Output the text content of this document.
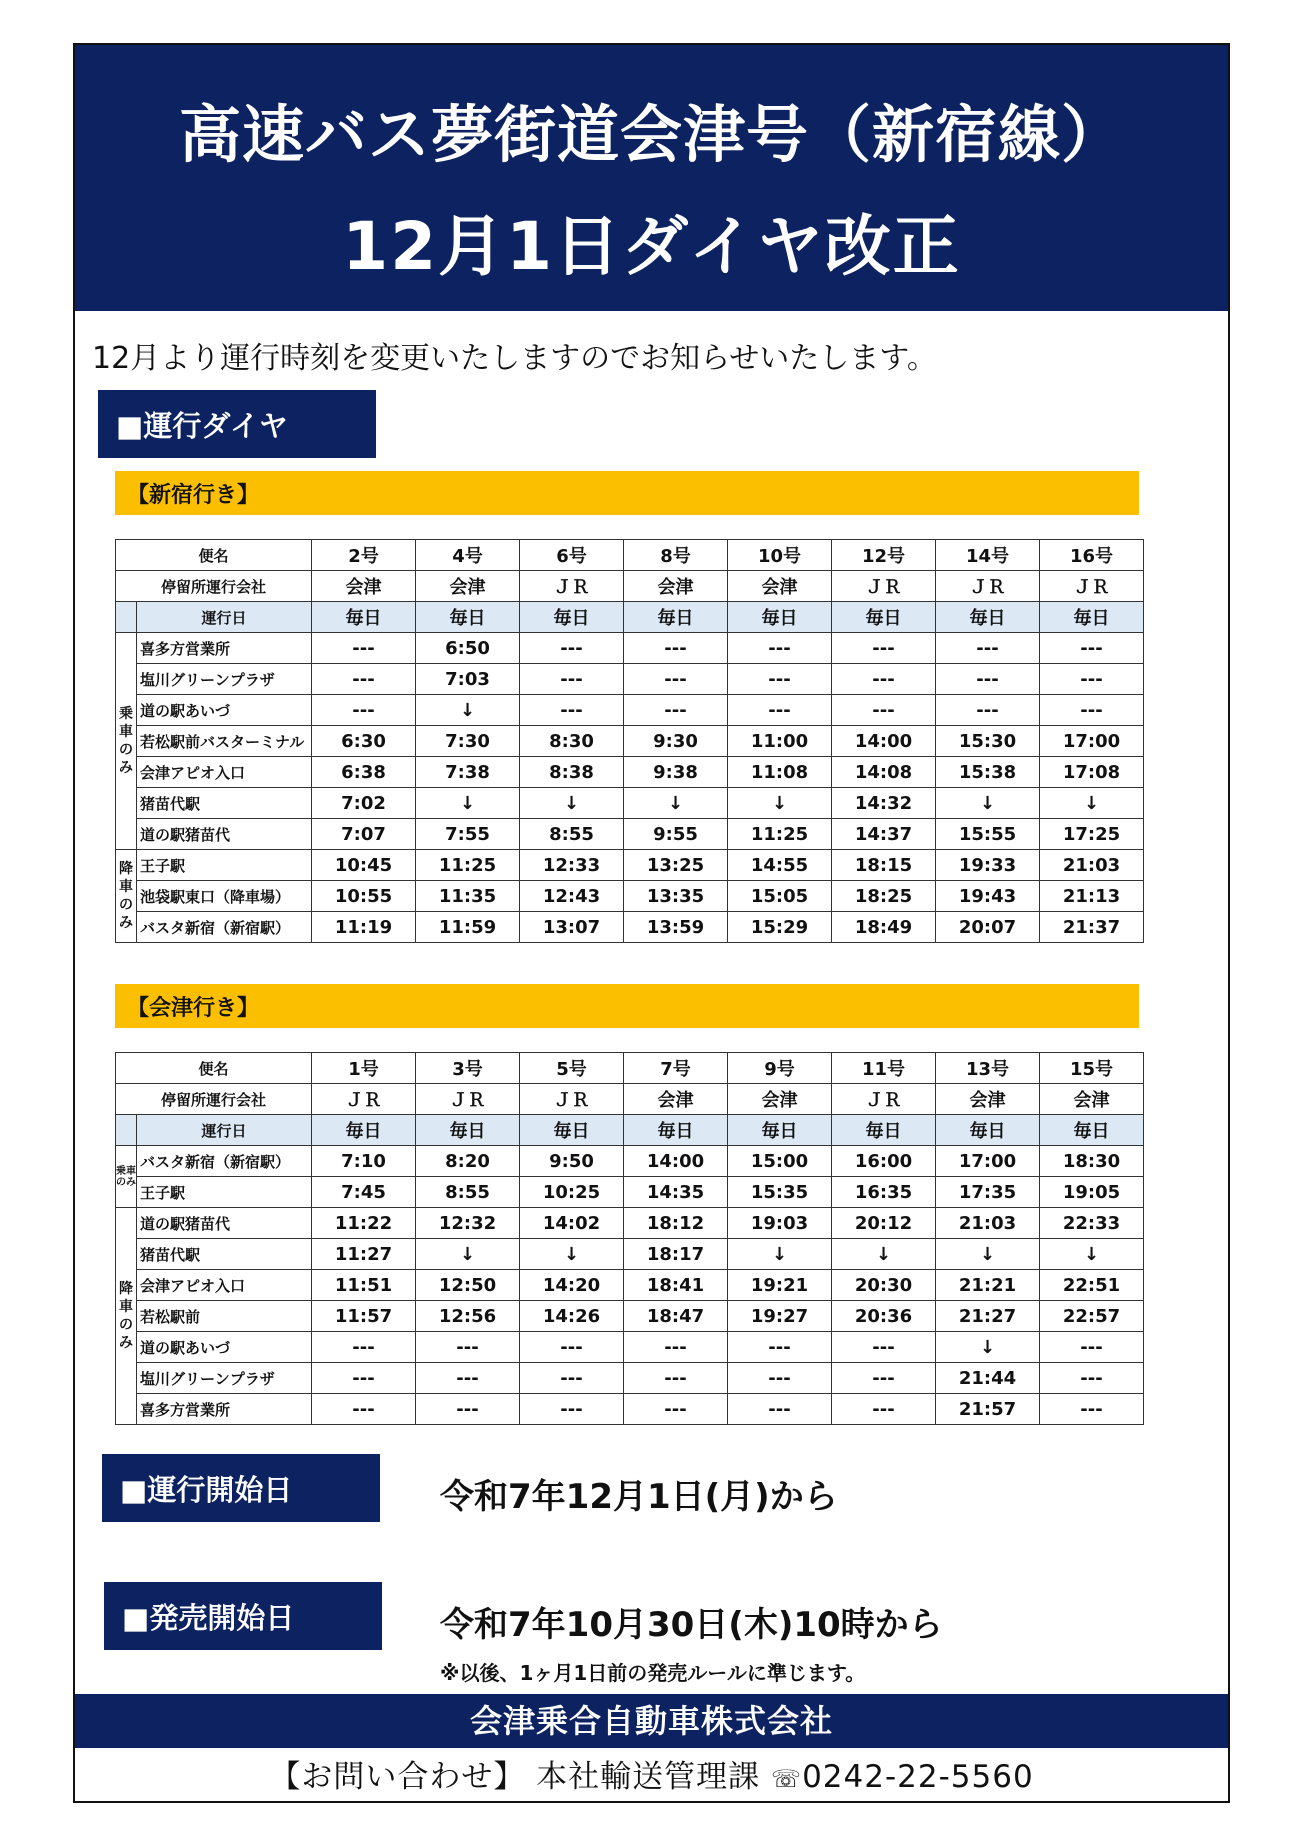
高速バス夢街道会津号（新宿線）
12月1日ダイヤ改正
12月より運行時刻を変更いたしますのでお知らせいたします。
■運行ダイヤ
【新宿行き】
便名		2号	4号	6号	8号	10号	12号	14号	16号
停留所運行会社		会津	会津	ＪＲ	会津	会津	ＪＲ	ＪＲ	ＪＲ
	運行日	毎日	毎日	毎日	毎日	毎日	毎日	毎日	毎日
乗車のみ	喜多方営業所	---	6:50	---	---	---	---	---	---
	塩川グリーンプラザ	---	7:03	---	---	---	---	---	---
	道の駅あいづ	---	↓	---	---	---	---	---	---
	若松駅前バスターミナル	6:30	7:30	8:30	9:30	11:00	14:00	15:30	17:00
	会津アピオ入口	6:38	7:38	8:38	9:38	11:08	14:08	15:38	17:08
	猪苗代駅	7:02	↓	↓	↓	↓	14:32	↓	↓
	道の駅猪苗代	7:07	7:55	8:55	9:55	11:25	14:37	15:55	17:25
降車のみ	王子駅	10:45	11:25	12:33	13:25	14:55	18:15	19:33	21:03
	池袋駅東口（降車場）	10:55	11:35	12:43	13:35	15:05	18:25	19:43	21:13
	バスタ新宿（新宿駅）	11:19	11:59	13:07	13:59	15:29	18:49	20:07	21:37
【会津行き】
便名		1号	3号	5号	7号	9号	11号	13号	15号
停留所運行会社		ＪＲ	ＪＲ	ＪＲ	会津	会津	ＪＲ	会津	会津
	運行日	毎日	毎日	毎日	毎日	毎日	毎日	毎日	毎日
乗車のみ	バスタ新宿（新宿駅）	7:10	8:20	9:50	14:00	15:00	16:00	17:00	18:30
	王子駅	7:45	8:55	10:25	14:35	15:35	16:35	17:35	19:05
降車のみ	道の駅猪苗代	11:22	12:32	14:02	18:12	19:03	20:12	21:03	22:33
	猪苗代駅	11:27	↓	↓	18:17	↓	↓	↓	↓
	会津アピオ入口	11:51	12:50	14:20	18:41	19:21	20:30	21:21	22:51
	若松駅前	11:57	12:56	14:26	18:47	19:27	20:36	21:27	22:57
	道の駅あいづ	---	---	---	---	---	---	↓	---
	塩川グリーンプラザ	---	---	---	---	---	---	21:44	---
	喜多方営業所	---	---	---	---	---	---	21:57	---
■運行開始日	令和7年12月1日(月)から
■発売開始日	令和7年10月30日(木)10時から
※以後、1ヶ月1日前の発売ルールに準じます。
会津乗合自動車株式会社
【お問い合わせ】 本社輸送管理課 ☏0242-22-5560
